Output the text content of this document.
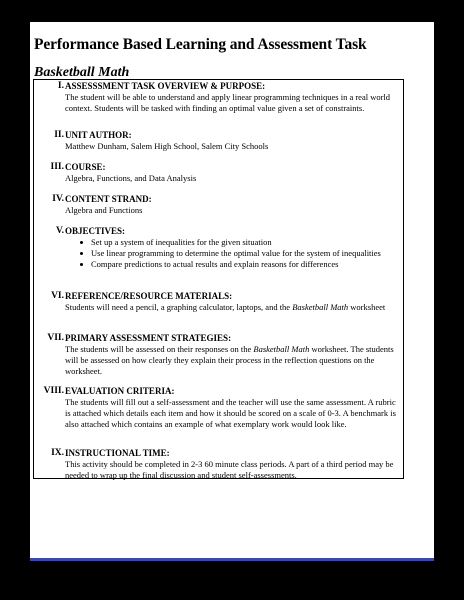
Performance Based Learning and Assessment Task
Basketball Math
I. ASSESSSMENT TASK OVERVIEW & PURPOSE:
The student will be able to understand and apply linear programming techniques in a real world context. Students will be tasked with finding an optimal value given a set of constraints.
II. UNIT AUTHOR:
Matthew Dunham, Salem High School, Salem City Schools
III. COURSE:
Algebra, Functions, and Data Analysis
IV. CONTENT STRAND:
Algebra and Functions
V. OBJECTIVES:
Set up a system of inequalities for the given situation
Use linear programming to determine the optimal value for the system of inequalities
Compare predictions to actual results and explain reasons for differences
VI. REFERENCE/RESOURCE MATERIALS:
Students will need a pencil, a graphing calculator, laptops, and the Basketball Math worksheet
VII. PRIMARY ASSESSMENT STRATEGIES:
The students will be assessed on their responses on the Basketball Math worksheet. The students will be assessed on how clearly they explain their process in the reflection questions on the worksheet.
VIII. EVALUATION CRITERIA:
The students will fill out a self-assessment and the teacher will use the same assessment. A rubric is attached which details each item and how it should be scored on a scale of 0-3. A benchmark is also attached which contains an example of what exemplary work would look like.
IX. INSTRUCTIONAL TIME:
This activity should be completed in 2-3 60 minute class periods. A part of a third period may be needed to wrap up the final discussion and student self-assessments.
